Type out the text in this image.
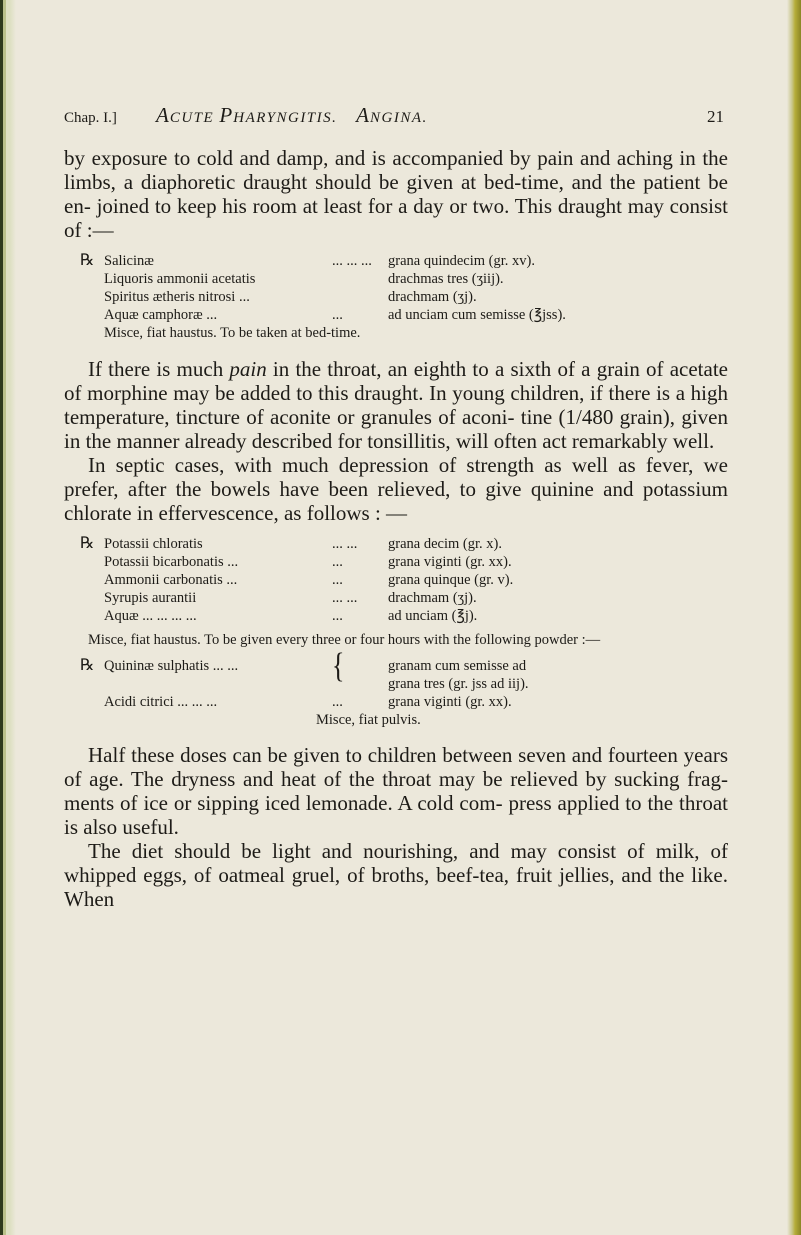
Chap. I.]	ACUTE PHARYNGITIS. ANGINA.	21

by exposure to cold and damp, and is accompanied by pain and aching in the limbs, a diaphoretic draught should be given at bed-time, and the patient be en- joined to keep his room at least for a day or two. This draught may consist of :—

℞	Salicinæ	... ... ...	grana quindecim (gr. xv).
	Liquoris ammonii acetatis		drachmas tres (ʒiij).
	Spiritus ætheris nitrosi ...		drachmam (ʒj).
	Aquæ camphoræ ...	...	ad unciam cum semisse (℥jss).
Misce, fiat haustus. To be taken at bed-time.

If there is much pain in the throat, an eighth to a sixth of a grain of acetate of morphine may be added to this draught. In young children, if there is a high temperature, tincture of aconite or granules of aconi- tine (1/480 grain), given in the manner already described for tonsillitis, will often act remarkably well.

In septic cases, with much depression of strength as well as fever, we prefer, after the bowels have been relieved, to give quinine and potassium chlorate in effervescence, as follows : —

℞	Potassii chloratis	... ...	grana decim (gr. x).
	Potassii bicarbonatis ...	...	grana viginti (gr. xx).
	Ammonii carbonatis ...	...	grana quinque (gr. v).
	Syrupis aurantii	... ...	drachmam (ʒj).
	Aquæ ... ... ... ...	...	ad unciam (℥j).
Misce, fiat haustus. To be given every three or four hours with the following powder :—
℞	Quininæ sulphatis ... ...	{	granam cum semisse ad
			grana tres (gr. jss ad iij).
	Acidi citrici ... ... ...	...	grana viginti (gr. xx).
Misce, fiat pulvis.

Half these doses can be given to children between seven and fourteen years of age. The dryness and heat of the throat may be relieved by sucking frag- ments of ice or sipping iced lemonade. A cold com- press applied to the throat is also useful.

The diet should be light and nourishing, and may consist of milk, of whipped eggs, of oatmeal gruel, of broths, beef-tea, fruit jellies, and the like. When
